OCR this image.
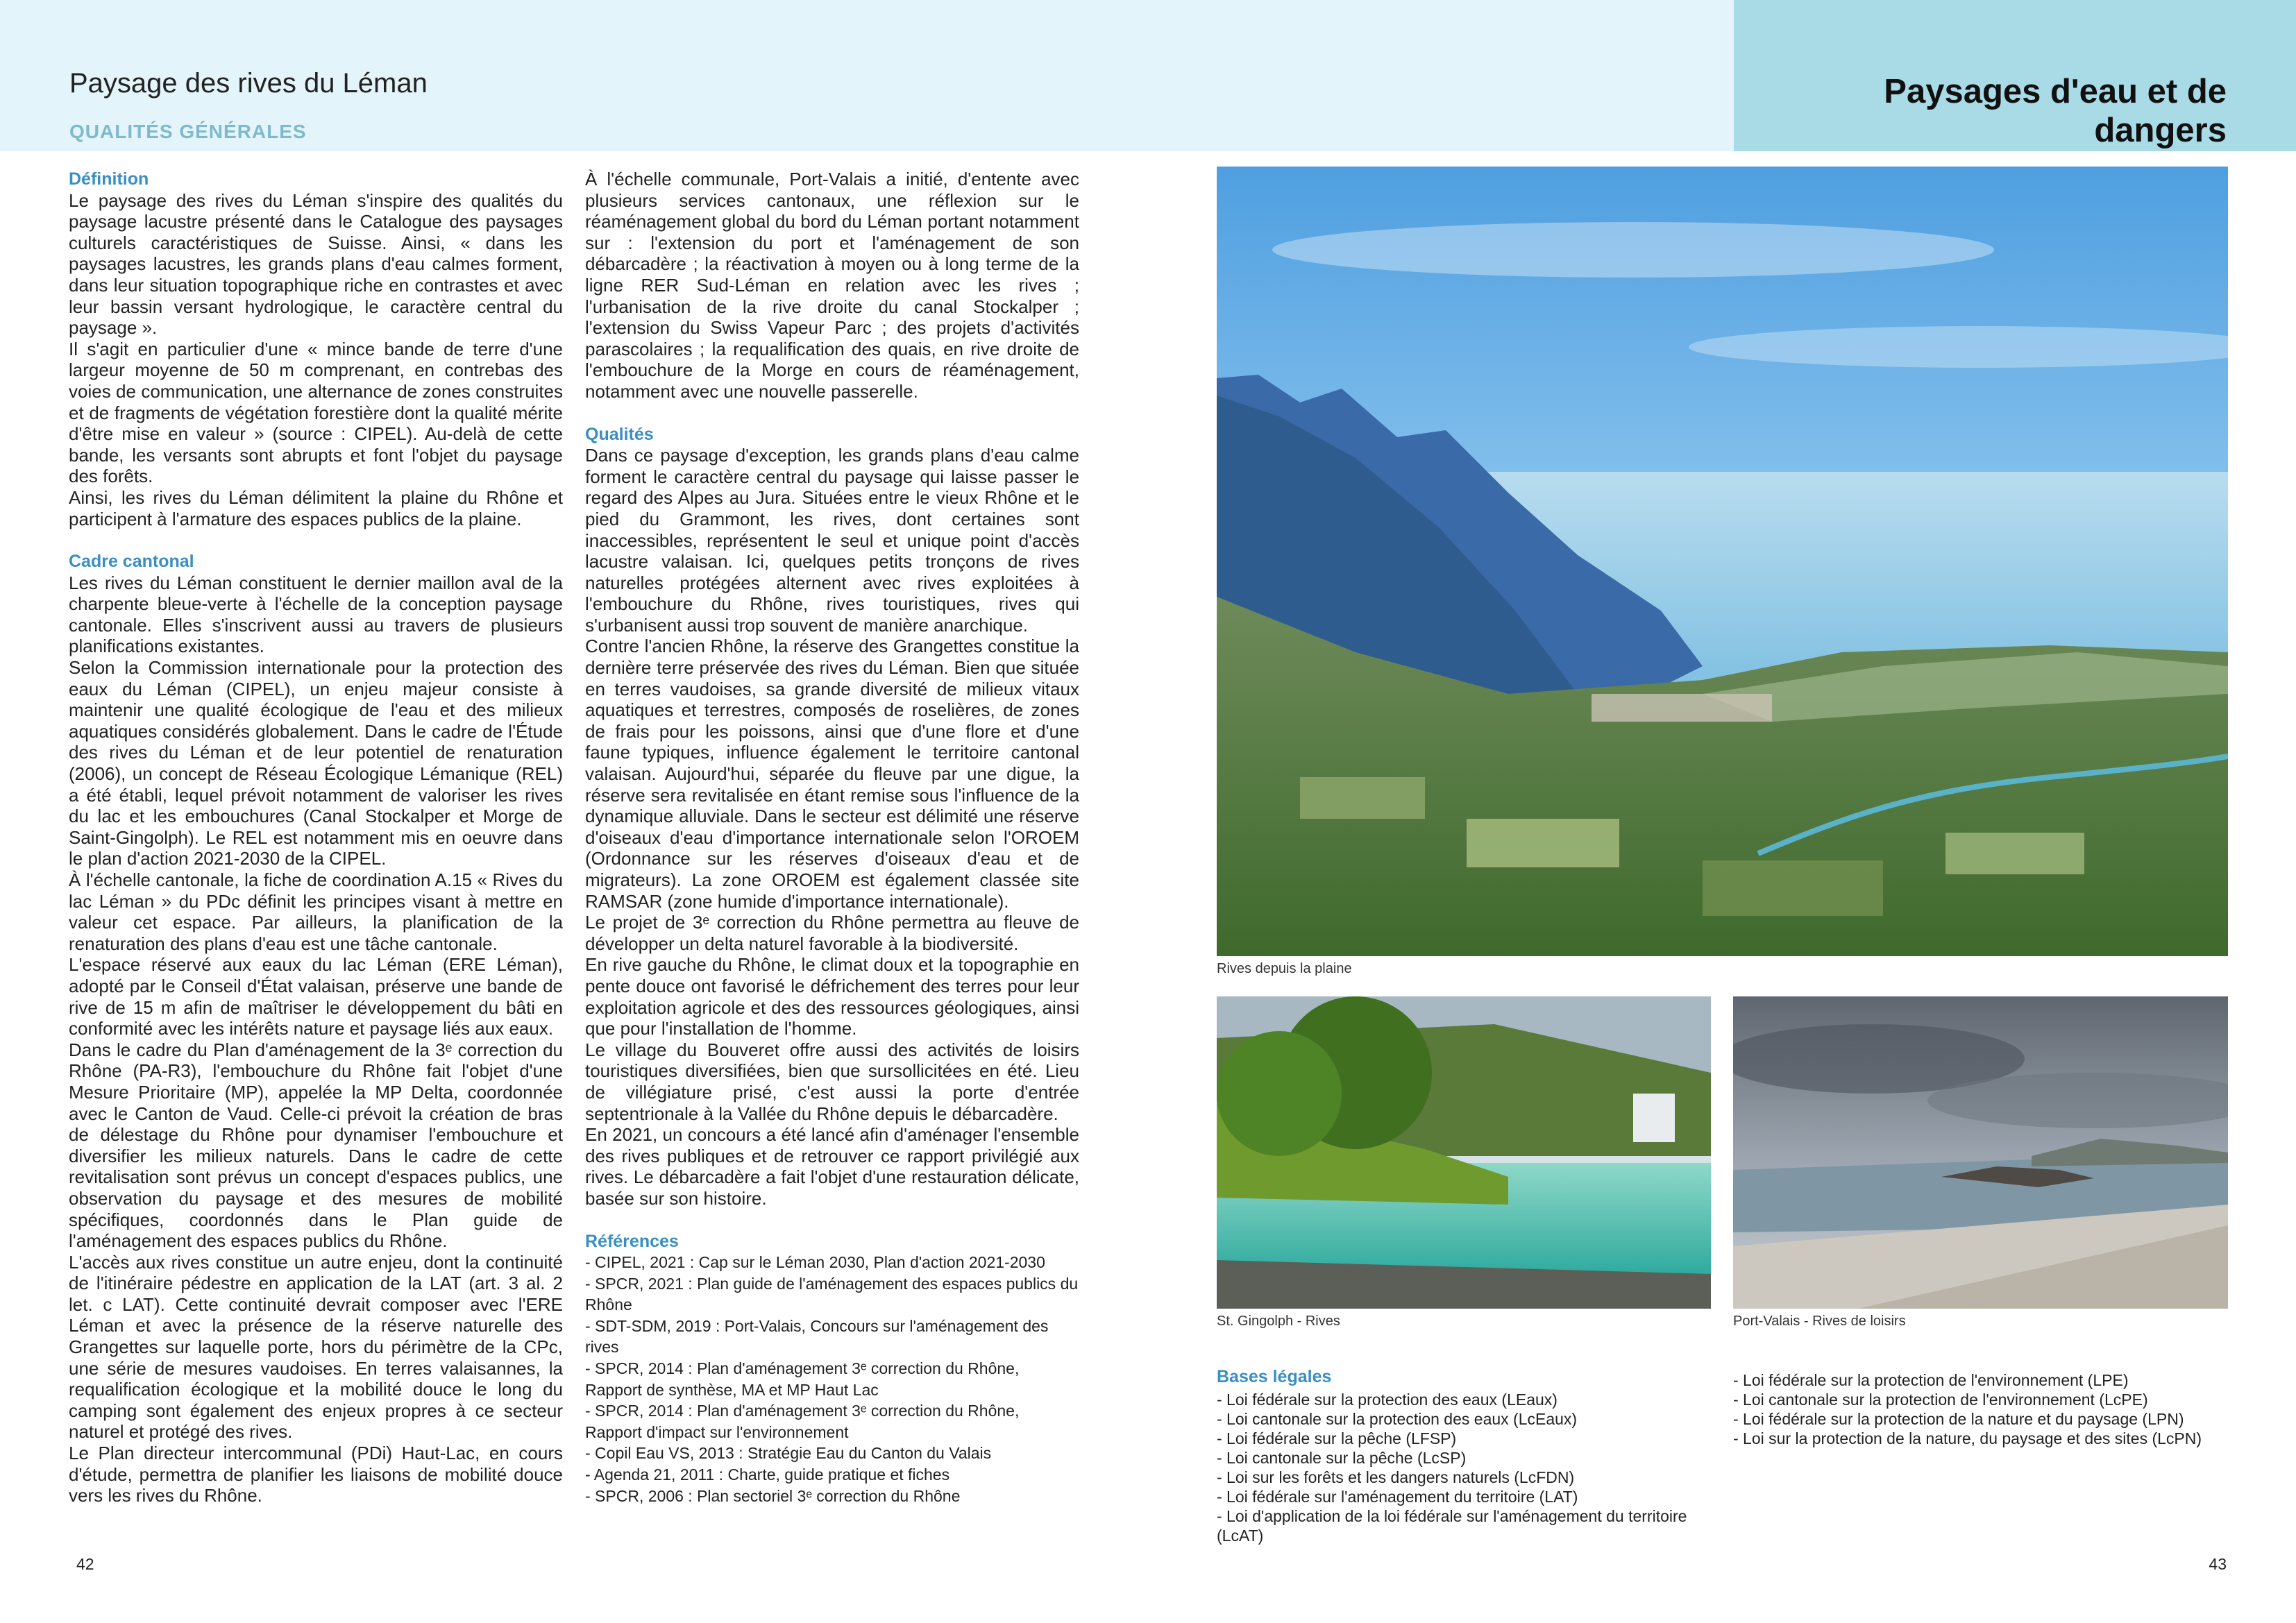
Paysage des rives du Léman
QUALITÉS GÉNÉRALES
Paysages d'eau et de
dangers
Définition

Le paysage des rives du Léman s'inspire des qualités du paysage lacustre présenté dans le Catalogue des paysages culturels caractéristiques de Suisse. Ainsi, « dans les paysages lacustres, les grands plans d'eau calmes forment, dans leur situation topographique riche en contrastes et avec leur bassin versant hydrologique, le caractère central du paysage ».

Il s'agit en particulier d'une « mince bande de terre d'une largeur moyenne de 50 m comprenant, en contrebas des voies de communication, une alternance de zones construites et de fragments de végétation forestière dont la qualité mérite d'être mise en valeur » (source : CIPEL). Au-delà de cette bande, les versants sont abrupts et font l'objet du paysage des forêts.

Ainsi, les rives du Léman délimitent la plaine du Rhône et participent à l'armature des espaces publics de la plaine.

Cadre cantonal

Les rives du Léman constituent le dernier maillon aval de la charpente bleue-verte à l'échelle de la conception paysage cantonale. Elles s'inscrivent aussi au travers de plusieurs planifications existantes.

Selon la Commission internationale pour la protection des eaux du Léman (CIPEL), un enjeu majeur consiste à maintenir une qualité écologique de l'eau et des milieux aquatiques considérés globalement. Dans le cadre de l'Étude des rives du Léman et de leur potentiel de renaturation (2006), un concept de Réseau Écologique Lémanique (REL) a été établi, lequel prévoit notamment de valoriser les rives du lac et les embouchures (Canal Stockalper et Morge de Saint-Gingolph). Le REL est notamment mis en oeuvre dans le plan d'action 2021-2030 de la CIPEL.

À l'échelle cantonale, la fiche de coordination A.15 « Rives du lac Léman » du PDc définit les principes visant à mettre en valeur cet espace. Par ailleurs, la planification de la renaturation des plans d'eau est une tâche cantonale.

L'espace réservé aux eaux du lac Léman (ERE Léman), adopté par le Conseil d'État valaisan, préserve une bande de rive de 15 m afin de maîtriser le développement du bâti en conformité avec les intérêts nature et paysage liés aux eaux.

Dans le cadre du Plan d'aménagement de la 3ᵉ correction du Rhône (PA-R3), l'embouchure du Rhône fait l'objet d'une Mesure Prioritaire (MP), appelée la MP Delta, coordonnée avec le Canton de Vaud. Celle-ci prévoit la création de bras de délestage du Rhône pour dynamiser l'embouchure et diversifier les milieux naturels. Dans le cadre de cette revitalisation sont prévus un concept d'espaces publics, une observation du paysage et des mesures de mobilité spécifiques, coordonnés dans le Plan guide de l'aménagement des espaces publics du Rhône.

L'accès aux rives constitue un autre enjeu, dont la continuité de l'itinéraire pédestre en application de la LAT (art. 3 al. 2 let. c LAT). Cette continuité devrait composer avec l'ERE Léman et avec la présence de la réserve naturelle des Grangettes sur laquelle porte, hors du périmètre de la CPc, une série de mesures vaudoises. En terres valaisannes, la requalification écologique et la mobilité douce le long du camping sont également des enjeux propres à ce secteur naturel et protégé des rives.

Le Plan directeur intercommunal (PDi) Haut-Lac, en cours d'étude, permettra de planifier les liaisons de mobilité douce vers les rives du Rhône.

À l'échelle communale, Port-Valais a initié, d'entente avec plusieurs services cantonaux, une réflexion sur le réaménagement global du bord du Léman portant notamment sur : l'extension du port et l'aménagement de son débarcadère ; la réactivation à moyen ou à long terme de la ligne RER Sud-Léman en relation avec les rives ; l'urbanisation de la rive droite du canal Stockalper ; l'extension du Swiss Vapeur Parc ; des projets d'activités parascolaires ; la requalification des quais, en rive droite de l'embouchure de la Morge en cours de réaménagement, notamment avec une nouvelle passerelle.

Qualités

Dans ce paysage d'exception, les grands plans d'eau calme forment le caractère central du paysage qui laisse passer le regard des Alpes au Jura. Situées entre le vieux Rhône et le pied du Grammont, les rives, dont certaines sont inaccessibles, représentent le seul et unique point d'accès lacustre valaisan. Ici, quelques petits tronçons de rives naturelles protégées alternent avec rives exploitées à l'embouchure du Rhône, rives touristiques, rives qui s'urbanisent aussi trop souvent de manière anarchique.

Contre l'ancien Rhône, la réserve des Grangettes constitue la dernière terre préservée des rives du Léman. Bien que située en terres vaudoises, sa grande diversité de milieux vitaux aquatiques et terrestres, composés de roselières, de zones de frais pour les poissons, ainsi que d'une flore et d'une faune typiques, influence également le territoire cantonal valaisan. Aujourd'hui, séparée du fleuve par une digue, la réserve sera revitalisée en étant remise sous l'influence de la dynamique alluviale. Dans le secteur est délimité une réserve d'oiseaux d'eau d'importance internationale selon l'OROEM (Ordonnance sur les réserves d'oiseaux d'eau et de migrateurs). La zone OROEM est également classée site RAMSAR (zone humide d'importance internationale).

Le projet de 3ᵉ correction du Rhône permettra au fleuve de développer un delta naturel favorable à la biodiversité.

En rive gauche du Rhône, le climat doux et la topographie en pente douce ont favorisé le défrichement des terres pour leur exploitation agricole et des des ressources géologiques, ainsi que pour l'installation de l'homme.

Le village du Bouveret offre aussi des activités de loisirs touristiques diversifiées, bien que sursollicitées en été. Lieu de villégiature prisé, c'est aussi la porte d'entrée septentrionale à la Vallée du Rhône depuis le débarcadère.

En 2021, un concours a été lancé afin d'aménager l'ensemble des rives publiques et de retrouver ce rapport privilégié aux rives. Le débarcadère a fait l'objet d'une restauration délicate, basée sur son histoire.

Références

- CIPEL, 2021 : Cap sur le Léman 2030, Plan d'action 2021-2030

- SPCR, 2021 : Plan guide de l'aménagement des espaces publics du Rhône

- SDT-SDM, 2019 : Port-Valais, Concours sur l'aménagement des rives

- SPCR, 2014 : Plan d'aménagement 3ᵉ correction du Rhône, Rapport de synthèse, MA et MP Haut Lac

- SPCR, 2014 : Plan d'aménagement 3ᵉ correction du Rhône, Rapport d'impact sur l'environnement

- Copil Eau VS, 2013 : Stratégie Eau du Canton du Valais

- Agenda 21, 2011 : Charte, guide pratique et fiches

- SPCR, 2006 : Plan sectoriel 3ᵉ correction du Rhône

Rives depuis la plaine
St. Gingolph - Rives	Port-Valais - Rives de loisirs
Bases légales
- Loi fédérale sur la protection des eaux (LEaux)
- Loi cantonale sur la protection des eaux (LcEaux)
- Loi fédérale sur la pêche (LFSP)
- Loi cantonale sur la pêche (LcSP)
- Loi sur les forêts et les dangers naturels (LcFDN)
- Loi fédérale sur l'aménagement du territoire (LAT)
- Loi d'application de la loi fédérale sur l'aménagement du territoire (LcAT)
- Loi fédérale sur la protection de l'environnement (LPE)
- Loi cantonale sur la protection de l'environnement (LcPE)
- Loi fédérale sur la protection de la nature et du paysage (LPN)
- Loi sur la protection de la nature, du paysage et des sites (LcPN)
42	43
